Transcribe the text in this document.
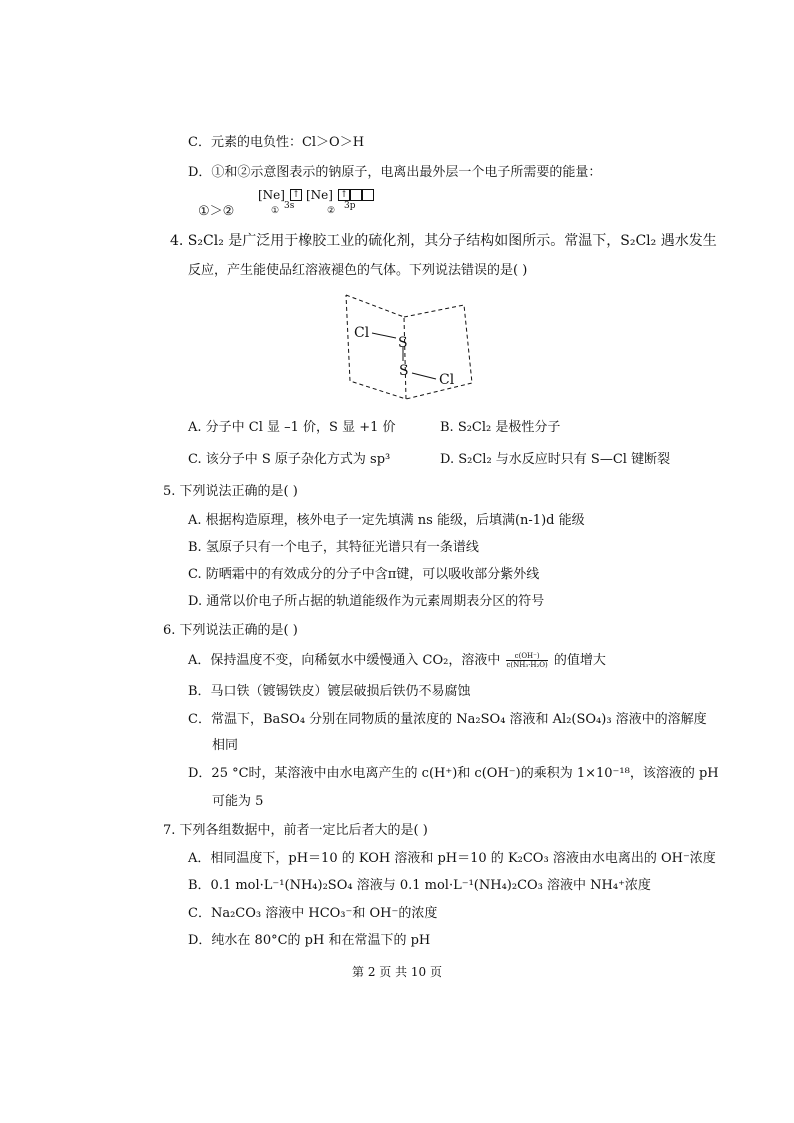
C．元素的电负性：Cl＞O＞H
D．①和②示意图表示的钠原子，电离出最外层一个电子所需要的能量：
[Ne] ↑ [Ne] ↑
① 3s	② 3p
①＞②
4. S₂Cl₂ 是广泛用于橡胶工业的硫化剂，其分子结构如图所示。常温下，S₂Cl₂ 遇水发生
反应，产生能使品红溶液褪色的气体。下列说法错误的是( )
Cl
S
S
Cl
A. 分子中 Cl 显 –1 价，S 显 +1 价	B. S₂Cl₂ 是极性分子
C. 该分子中 S 原子杂化方式为 sp³	D. S₂Cl₂ 与水反应时只有 S—Cl 键断裂
5. 下列说法正确的是( )
A. 根据构造原理，核外电子一定先填满 ns 能级，后填满(n-1)d 能级
B. 氢原子只有一个电子，其特征光谱只有一条谱线
C. 防晒霜中的有效成分的分子中含π键，可以吸收部分紫外线
D. 通常以价电子所占据的轨道能级作为元素周期表分区的符号
6. 下列说法正确的是( )
A．保持温度不变，向稀氨水中缓慢通入 CO₂，溶液中 $\frac{c(OH^-)}{\text{c(NH₃·H₂O)}}$ 的值增大
B．马口铁（镀锡铁皮）镀层破损后铁仍不易腐蚀
C．常温下，BaSO₄ 分别在同物质的量浓度的 Na₂SO₄ 溶液和 Al₂(SO₄)₃ 溶液中的溶解度
相同
D．25 °C时，某溶液中由水电离产生的 c(H⁺)和 c(OH⁻)的乘积为 1×10⁻¹⁸，该溶液的 pH
可能为 5
7. 下列各组数据中，前者一定比后者大的是( )
A．相同温度下，pH＝10 的 KOH 溶液和 pH＝10 的 K₂CO₃ 溶液由水电离出的 OH⁻浓度
B．0.1 mol·L⁻¹(NH₄)₂SO₄ 溶液与 0.1 mol·L⁻¹(NH₄)₂CO₃ 溶液中 NH₄⁺浓度
C．Na₂CO₃ 溶液中 HCO₃⁻和 OH⁻的浓度
D．纯水在 80°C的 pH 和在常温下的 pH
第 2 页 共 10 页
